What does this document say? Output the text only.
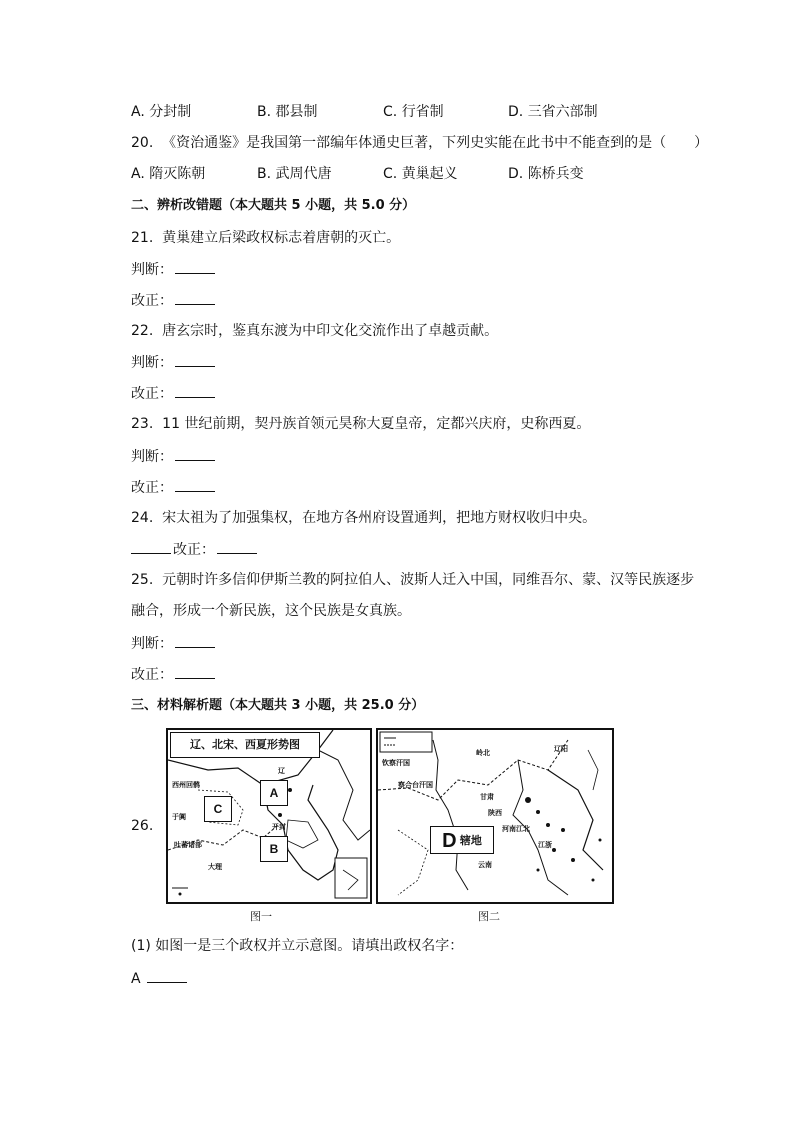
A. 分封制	B. 郡县制	C. 行省制	D. 三省六部制
20. 《资治通鉴》是我国第一部编年体通史巨著，下列史实能在此书中不能查到的是（ ）
A. 隋灭陈朝	B. 武周代唐	C. 黄巢起义	D. 陈桥兵变
二、辨析改错题（本大题共 5 小题，共 5.0 分）
21. 黄巢建立后梁政权标志着唐朝的灭亡。
判断：
改正：
22. 唐玄宗时，鉴真东渡为中印文化交流作出了卓越贡献。
判断：
改正：
23. 11 世纪前期，契丹族首领元昊称大夏皇帝，定都兴庆府，史称西夏。
判断：
改正：
24. 宋太祖为了加强集权，在地方各州府设置通判，把地方财权收归中央。
改正：
25. 元朝时许多信仰伊斯兰教的阿拉伯人、波斯人迁入中国，同维吾尔、蒙、汉等民族逐步
融合，形成一个新民族，这个民族是女真族。
判断：
改正：
三、材料解析题（本大题共 3 小题，共 25.0 分）
26.
辽、北宋、西夏形势图
A
B
C
西州回鹘
吐蕃诸部
大理
于阗
辽
开封
图一
D 辖地
岭北	辽阳
钦察汗国
察合台汗国
甘肃
陕西
河南江北
江浙
云南
图二
(1) 如图一是三个政权并立示意图。请填出政权名字：
A
